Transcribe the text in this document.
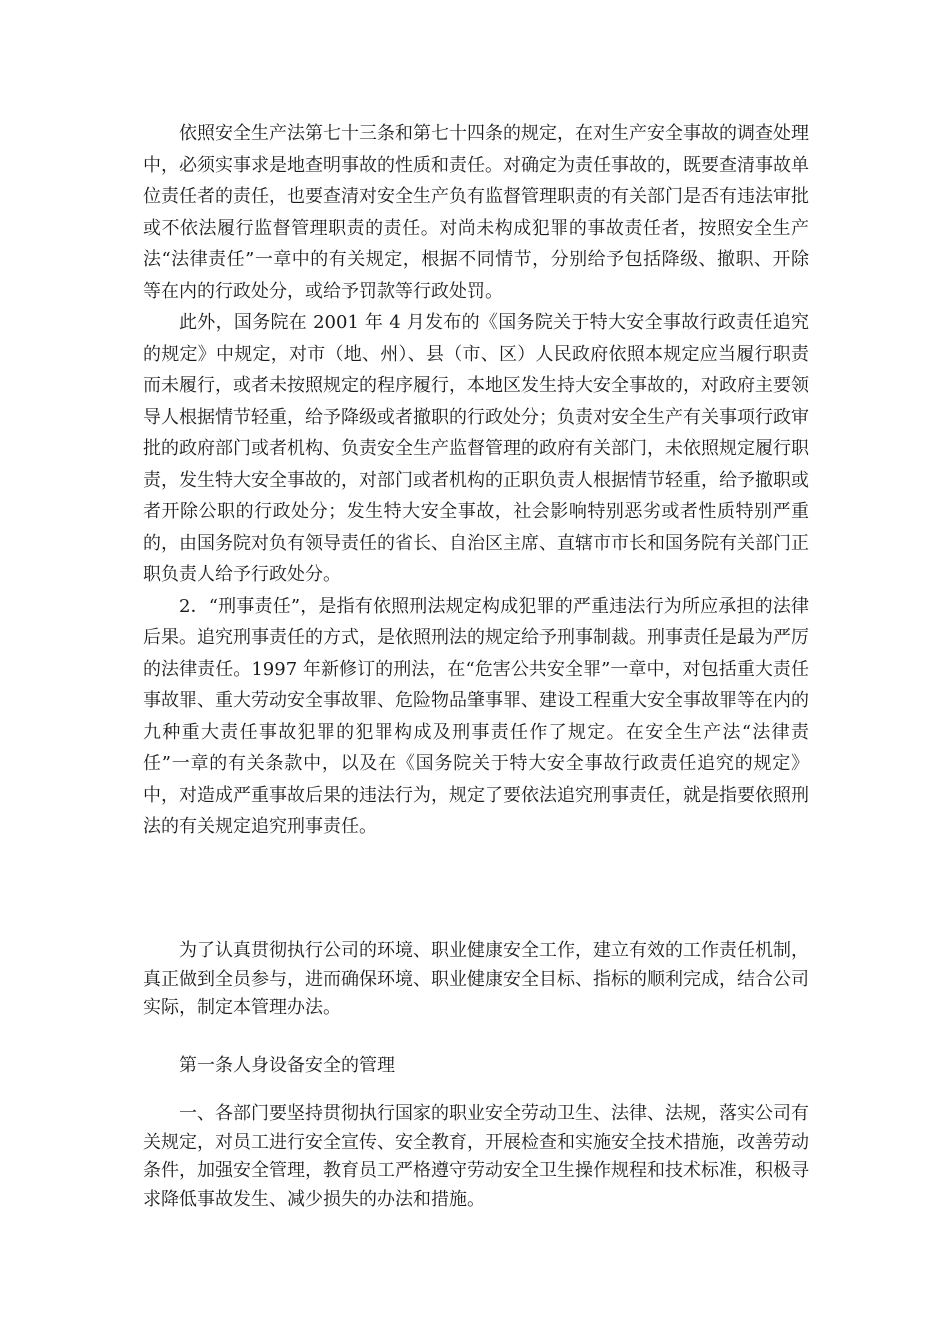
依照安全生产法第七十三条和第七十四条的规定，在对生产安全事故的调查处理中，必须实事求是地查明事故的性质和责任。对确定为责任事故的，既要查清事故单位责任者的责任，也要查清对安全生产负有监督管理职责的有关部门是否有违法审批或不依法履行监督管理职责的责任。对尚未构成犯罪的事故责任者，按照安全生产法“法律责任”一章中的有关规定，根据不同情节，分别给予包括降级、撤职、开除等在内的行政处分，或给予罚款等行政处罚。

此外，国务院在 2001 年 4 月发布的《国务院关于特大安全事故行政责任追究的规定》中规定，对市（地、州）、县（市、区）人民政府依照本规定应当履行职责而未履行，或者未按照规定的程序履行，本地区发生持大安全事故的，对政府主要领导人根据情节轻重，给予降级或者撤职的行政处分；负责对安全生产有关事项行政审批的政府部门或者机构、负责安全生产监督管理的政府有关部门，未依照规定履行职责，发生特大安全事故的，对部门或者机构的正职负责人根据情节轻重，给予撤职或者开除公职的行政处分；发生特大安全事故，社会影响特别恶劣或者性质特别严重的，由国务院对负有领导责任的省长、自治区主席、直辖市市长和国务院有关部门正职负责人给予行政处分。

2．“刑事责任”，是指有依照刑法规定构成犯罪的严重违法行为所应承担的法律后果。追究刑事责任的方式，是依照刑法的规定给予刑事制裁。刑事责任是最为严厉的法律责任。1997 年新修订的刑法，在“危害公共安全罪”一章中，对包括重大责任事故罪、重大劳动安全事故罪、危险物品肇事罪、建设工程重大安全事故罪等在内的九种重大责任事故犯罪的犯罪构成及刑事责任作了规定。在安全生产法“法律责任”一章的有关条款中，以及在《国务院关于特大安全事故行政责任追究的规定》中，对造成严重事故后果的违法行为，规定了要依法追究刑事责任，就是指要依照刑法的有关规定追究刑事责任。

为了认真贯彻执行公司的环境、职业健康安全工作，建立有效的工作责任机制，真正做到全员参与，进而确保环境、职业健康安全目标、指标的顺利完成，结合公司实际，制定本管理办法。

第一条人身设备安全的管理

一、各部门要坚持贯彻执行国家的职业安全劳动卫生、法律、法规，落实公司有关规定，对员工进行安全宣传、安全教育，开展检查和实施安全技术措施，改善劳动条件，加强安全管理，教育员工严格遵守劳动安全卫生操作规程和技术标准，积极寻求降低事故发生、减少损失的办法和措施。
